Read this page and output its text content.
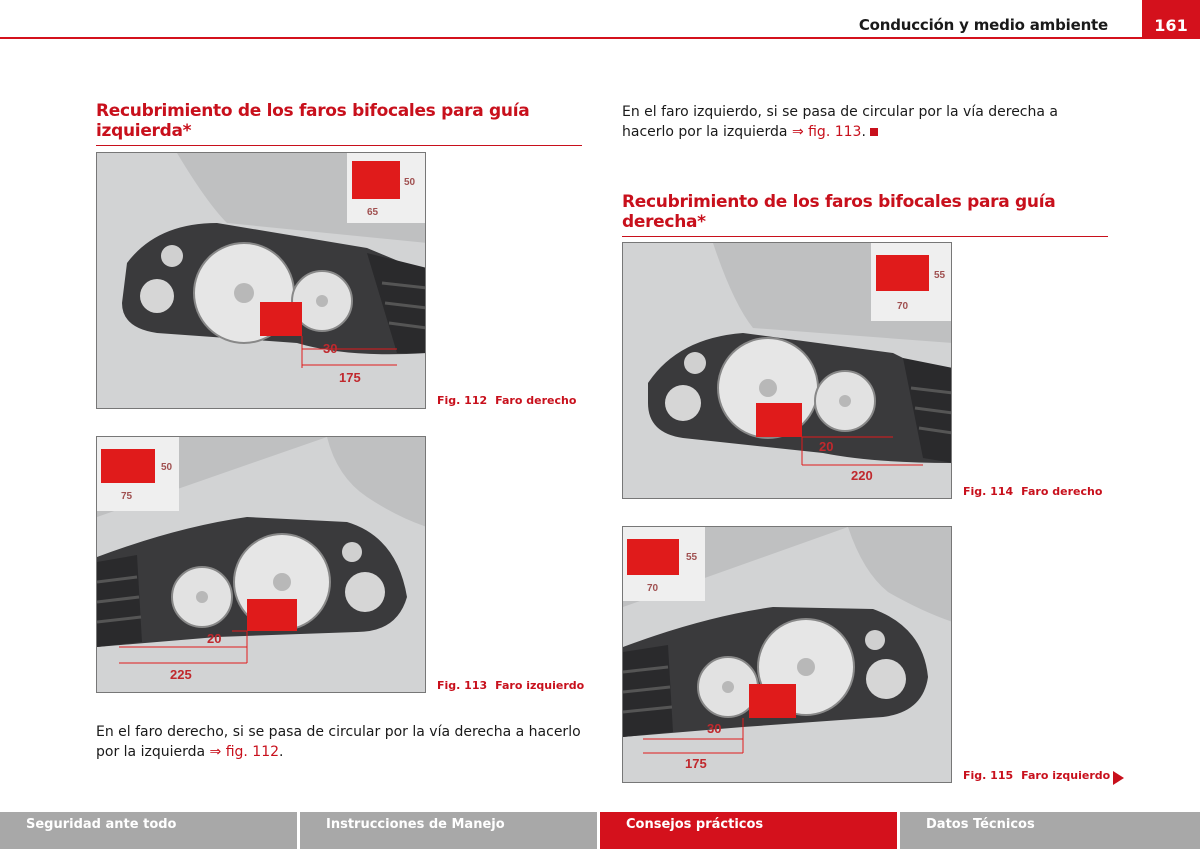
Conducción y medio ambiente	161
Recubrimiento de los faros bifocales para guía izquierda*
50
65
30
175
Fig. 112 Faro derecho
50
75
20
225
Fig. 113 Faro izquierdo
En el faro derecho, si se pasa de circular por la vía derecha a hacerlo por la izquierda ⇒ fig. 112.
En el faro izquierdo, si se pasa de circular por la vía derecha a hacerlo por la izquierda ⇒ fig. 113.
Recubrimiento de los faros bifocales para guía derecha*
55
70
20
220
Fig. 114 Faro derecho
55
70
30
175
Fig. 115 Faro izquierdo
Seguridad ante todo	Instrucciones de Manejo	Consejos prácticos	Datos Técnicos
